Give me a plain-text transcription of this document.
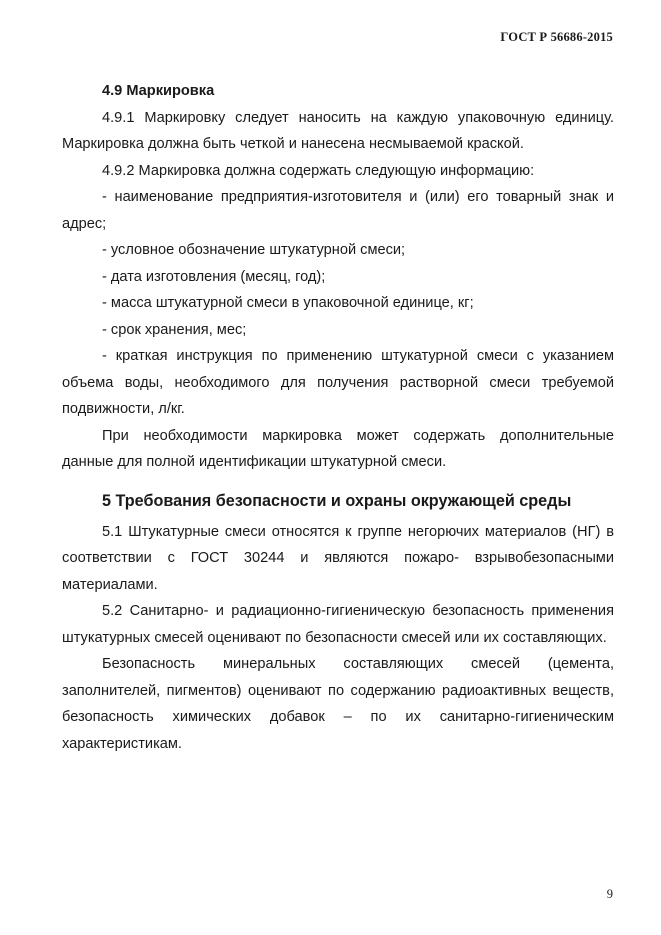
ГОСТ Р 56686-2015
4.9 Маркировка

4.9.1 Маркировку следует наносить на каждую упаковочную единицу. Маркировка должна быть четкой и нанесена несмываемой краской.

4.9.2 Маркировка должна содержать следующую информацию:

- наименование предприятия-изготовителя и (или) его товарный знак и адрес;

- условное обозначение штукатурной смеси;

- дата изготовления (месяц, год);

- масса штукатурной смеси в упаковочной единице, кг;

- срок хранения, мес;

- краткая инструкция по применению штукатурной смеси с указанием объема воды, необходимого для получения растворной смеси требуемой подвижности, л/кг.

При необходимости маркировка может содержать дополнительные данные для полной идентификации штукатурной смеси.

5 Требования безопасности и охраны окружающей среды

5.1 Штукатурные смеси относятся к группе негорючих материалов (НГ) в соответствии с ГОСТ 30244 и являются пожаро- взрывобезопасными материалами.

5.2 Санитарно- и радиационно-гигиеническую безопасность применения штукатурных смесей оценивают по безопасности смесей или их составляющих.

Безопасность минеральных составляющих смесей (цемента, заполнителей, пигментов) оценивают по содержанию радиоактивных веществ, безопасность химических добавок – по их санитарно-гигиеническим характеристикам.

9
